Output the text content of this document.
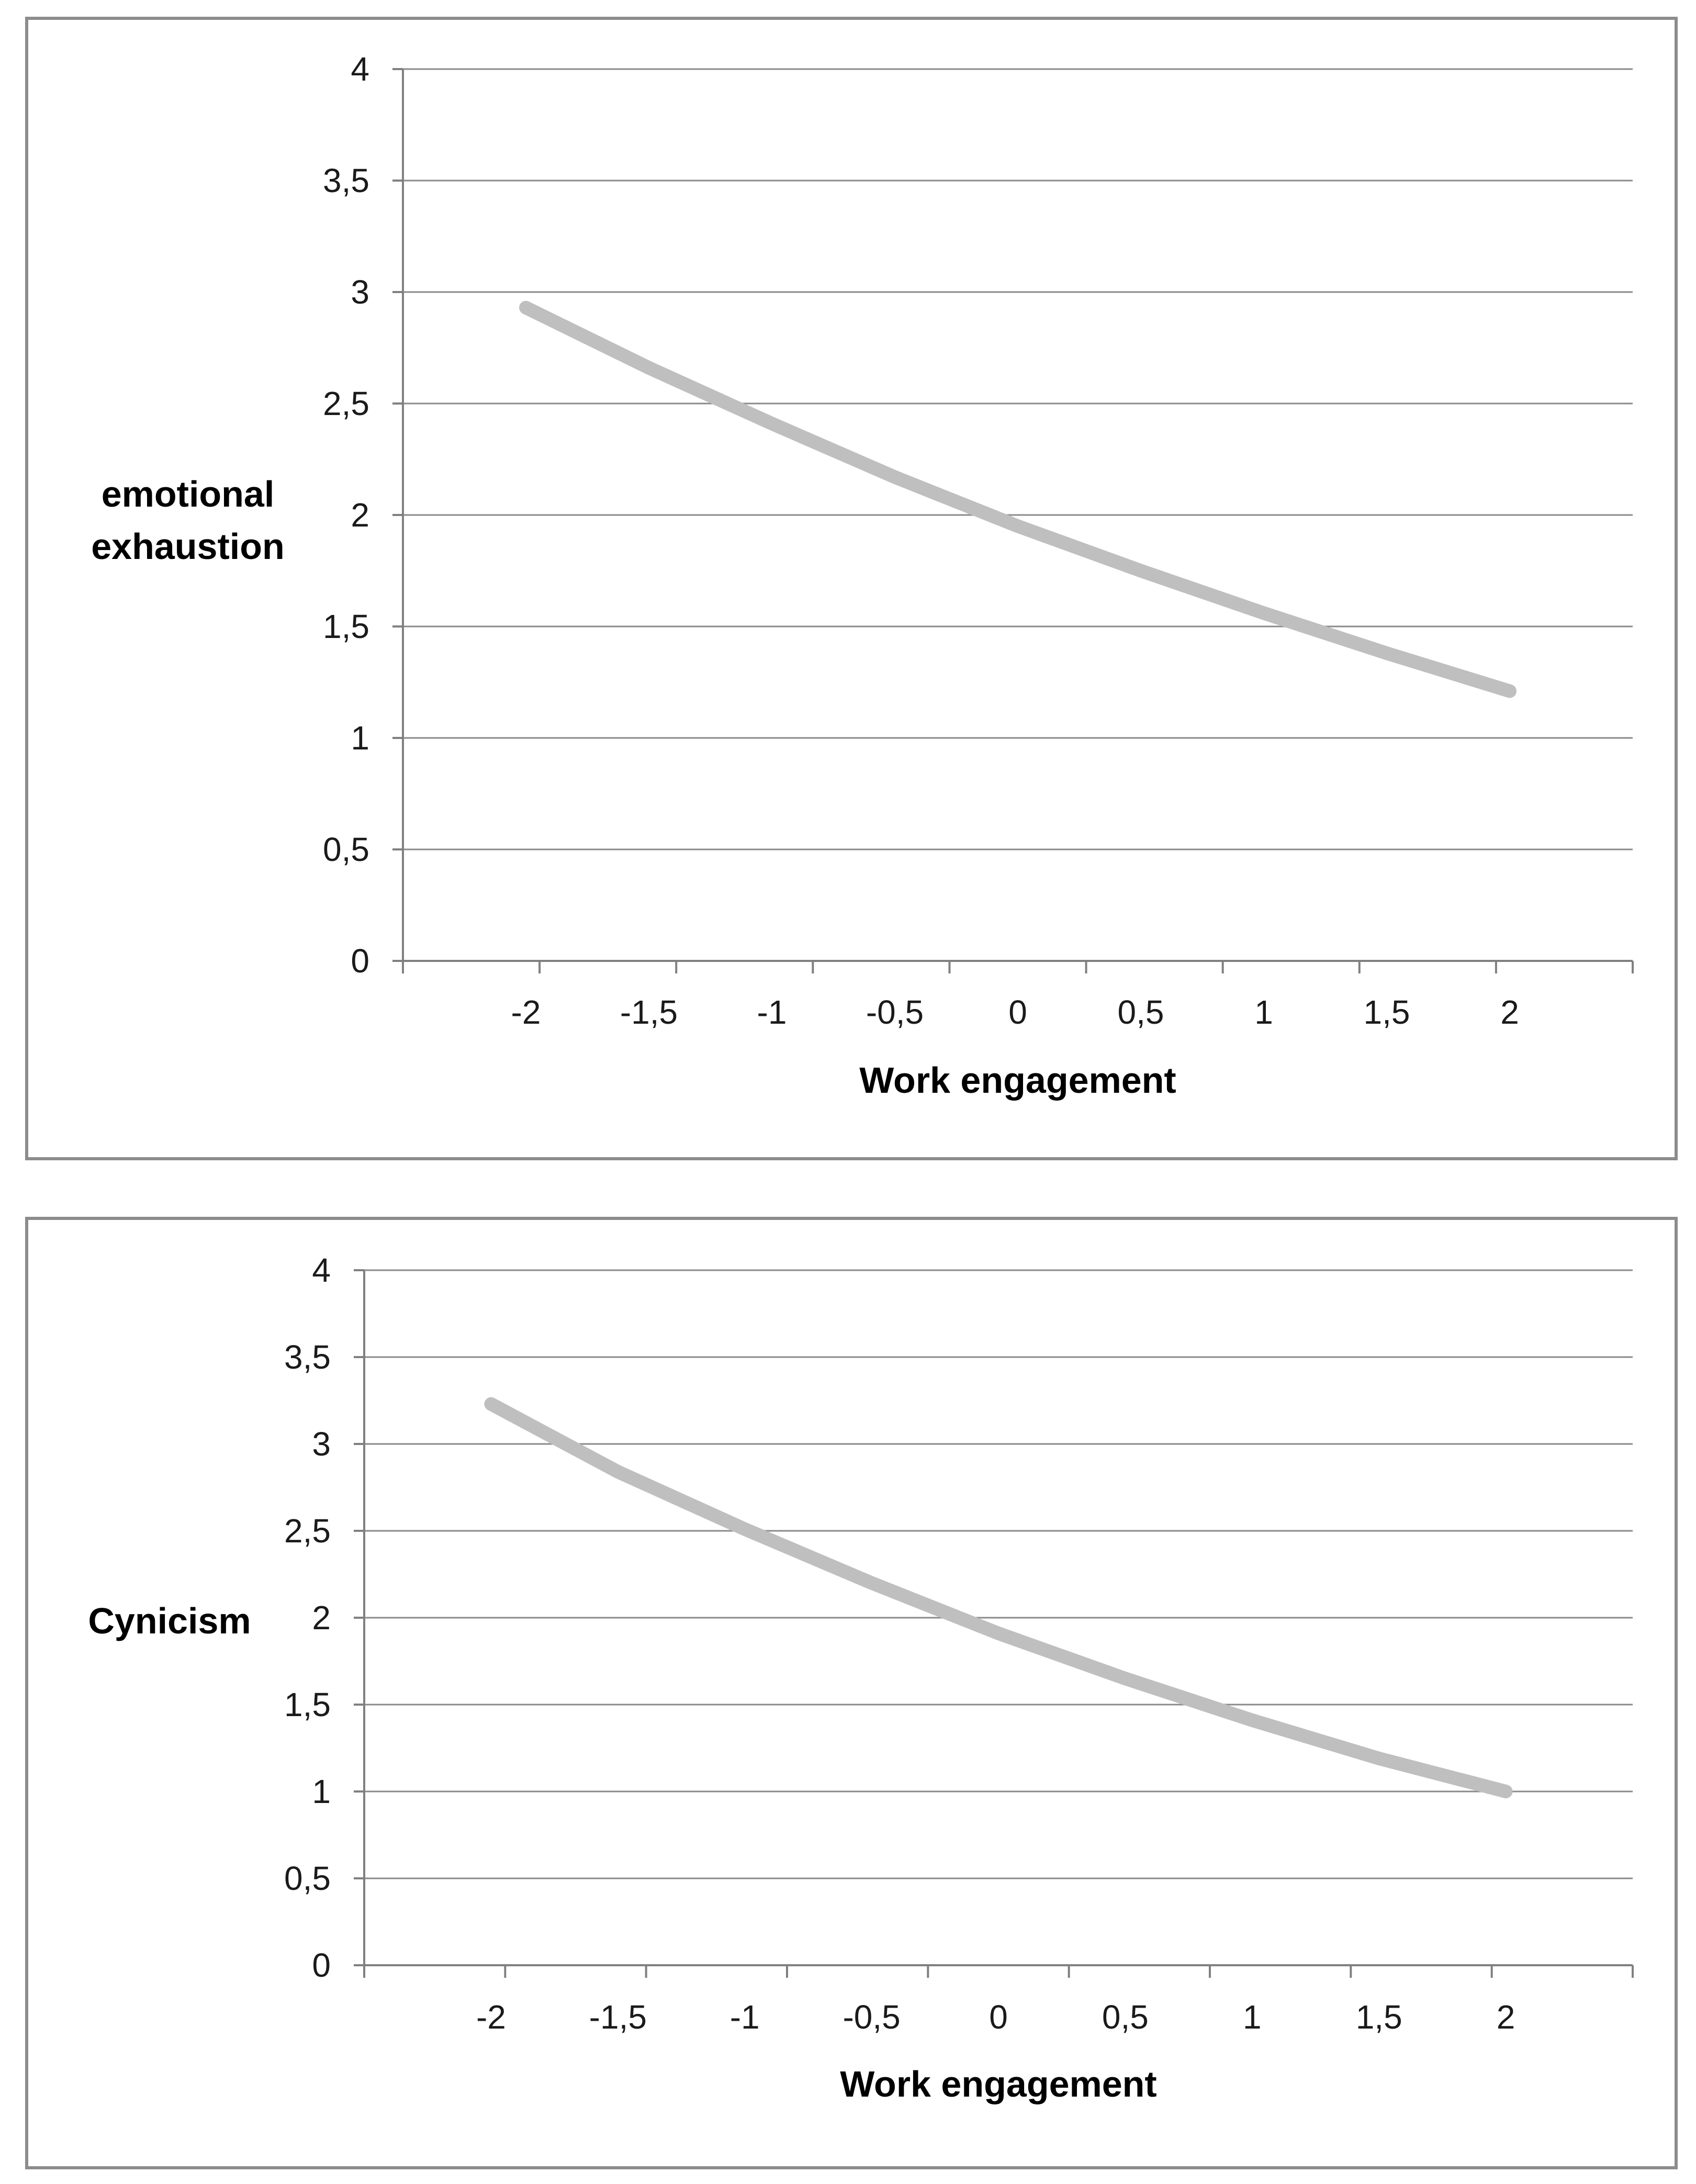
0
0,5
1
1,5
2
2,5
3
3,5
4
-2 -1,5 -1 -0,5	0	0,5	1	1,5	2
Work engagement
emotional
exhaustion
0
0,5
1
1,5
2
2,5
3
3,5
4
-2 -1,5 -1 -0,5	0	0,5	1	1,5	2
Work engagement
Cynicism
